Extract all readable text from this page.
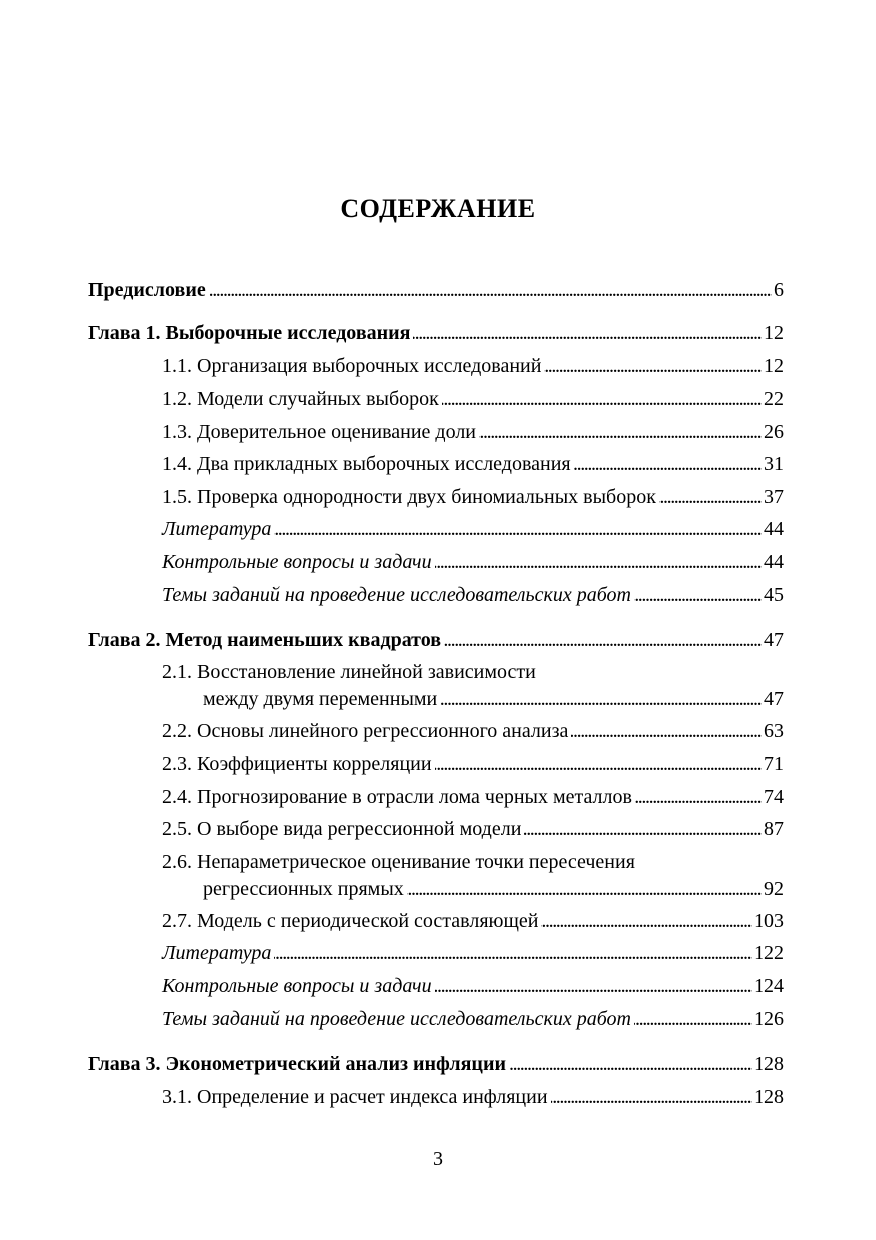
СОДЕРЖАНИЕ
Предисловие . . .	6
Глава 1. Выборочные исследования . . .	12
1.1. Организация выборочных исследований . . .	12
1.2. Модели случайных выборок . . .	22
1.3. Доверительное оценивание доли . . .	26
1.4. Два прикладных выборочных исследования . . .	31
1.5. Проверка однородности двух биномиальных выборок . . .	37
Литература . . .	44
Контрольные вопросы и задачи . . .	44
Темы заданий на проведение исследовательских работ . . .	45
Глава 2. Метод наименьших квадратов . . .	47
2.1. Восстановление линейной зависимости
между двумя переменными . . .	47
2.2. Основы линейного регрессионного анализа . . .	63
2.3. Коэффициенты корреляции . . .	71
2.4. Прогнозирование в отрасли лома черных металлов . . .	74
2.5. О выборе вида регрессионной модели . . .	87
2.6. Непараметрическое оценивание точки пересечения
регрессионных прямых . . .	92
2.7. Модель с периодической составляющей . . .	103
Литература . . .	122
Контрольные вопросы и задачи . . .	124
Темы заданий на проведение исследовательских работ . . .	126
Глава 3. Эконометрический анализ инфляции . . .	128
3.1. Определение и расчет индекса инфляции . . .	128
3
